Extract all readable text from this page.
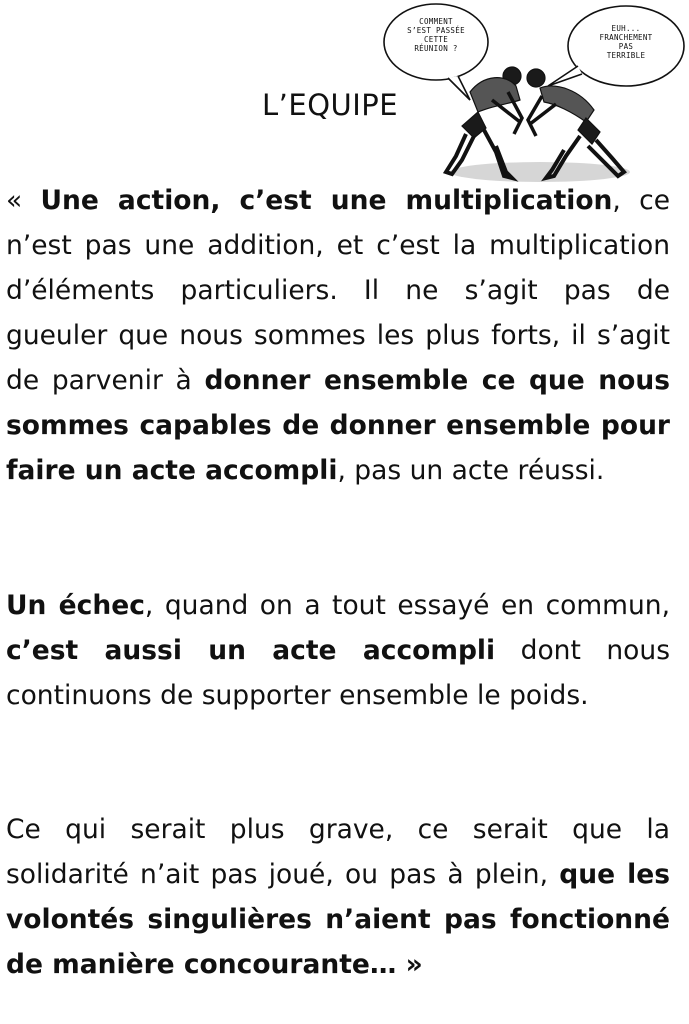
COMMENT
S’EST PASSÉE
CETTE
RÉUNION ?
EUH...
FRANCHEMENT
PAS
TERRIBLE
L’EQUIPE
« Une action, c’est une multiplication, ce n’est pas une addition, et c’est la multiplication d’éléments particuliers. Il ne s’agit pas de gueuler que nous sommes les plus forts, il s’agit de parvenir à donner ensemble ce que nous sommes capables de donner ensemble pour faire un acte accompli, pas un acte réussi.
Un échec, quand on a tout essayé en commun, c’est aussi un acte accompli dont nous continuons de supporter ensemble le poids.
Ce qui serait plus grave, ce serait que la solidarité n’ait pas joué, ou pas à plein, que les volontés singulières n’aient pas fonctionné de manière concourante… »
